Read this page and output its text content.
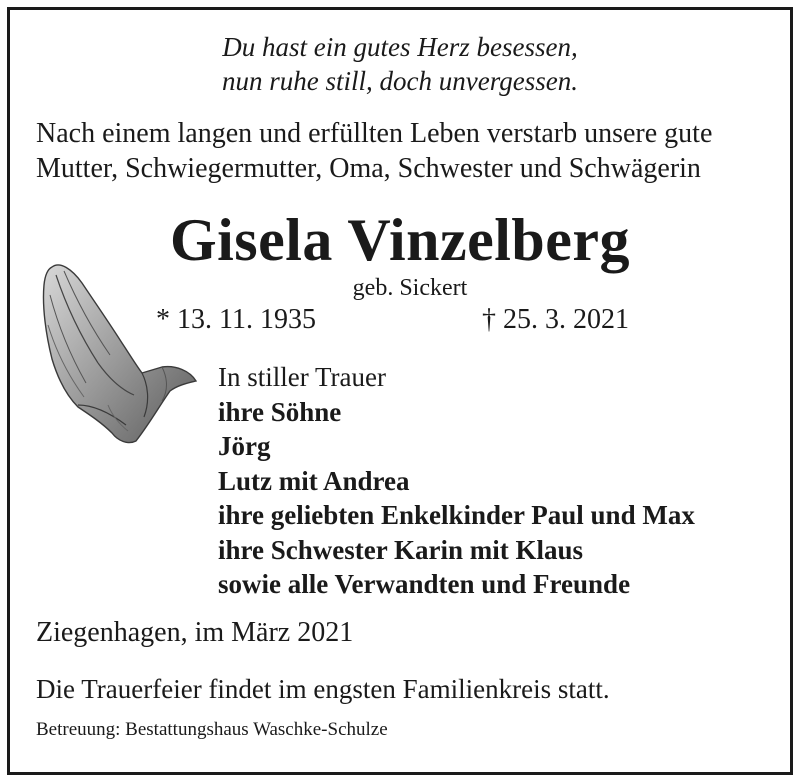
Du hast ein gutes Herz besessen,
nun ruhe still, doch unvergessen.
Nach einem langen und erfüllten Leben verstarb unsere gute
Mutter, Schwiegermutter, Oma, Schwester und Schwägerin
Gisela Vinzelberg
geb. Sickert
* 13. 11. 1935	† 25. 3. 2021
In stiller Trauer
ihre Söhne
Jörg
Lutz mit Andrea
ihre geliebten Enkelkinder Paul und Max
ihre Schwester Karin mit Klaus
sowie alle Verwandten und Freunde
Ziegenhagen, im März 2021
Die Trauerfeier findet im engsten Familienkreis statt.
Betreuung: Bestattungshaus Waschke-Schulze
